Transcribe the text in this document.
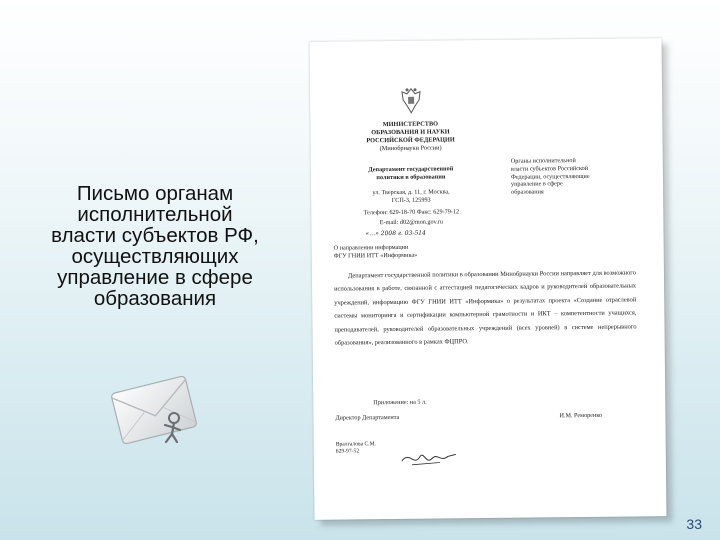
Письмо органам
исполнительной
власти субъектов РФ,
осуществляющих
управление в сфере
образования
МИНИСТЕРСТВО
ОБРАЗОВАНИЯ И НАУКИ
РОССИЙСКОЙ ФЕДЕРАЦИИ
(Минобрнауки России)
Департамент государственной
политики в образовании
ул. Тверская, д. 11, г. Москва,
ГСП-3, 125993
Телефон: 629-18-70 Факс: 629-79-12
E-mail: d02@mon.gov.ru
«…» 2008 г. 03-514
Органы исполнительной
власти субъектов Российской
Федерации, осуществляющие
управление в сфере
образования
О направлении информации
ФГУ ГНИИ ИТТ «Информика»

Департамент государственной политики в образовании Минобрнауки России направляет для возможного использования в работе, связанной с аттестацией педагогических кадров и руководителей образовательных учреждений, информацию ФГУ ГНИИ ИТТ «Информика» о результатах проекта «Создание отраслевой системы мониторинга и сертификации компьютерной грамотности и ИКТ – компетентности учащихся, преподавателей, руководителей образовательных учреждений (всех уровней) в системе непрерывного образования», реализованного в рамках ФЦПРО.

Приложение: на 5 л.
Директор Департамента	И.М. Реморенко
Вралгалова С.М.
629-97-52
33
